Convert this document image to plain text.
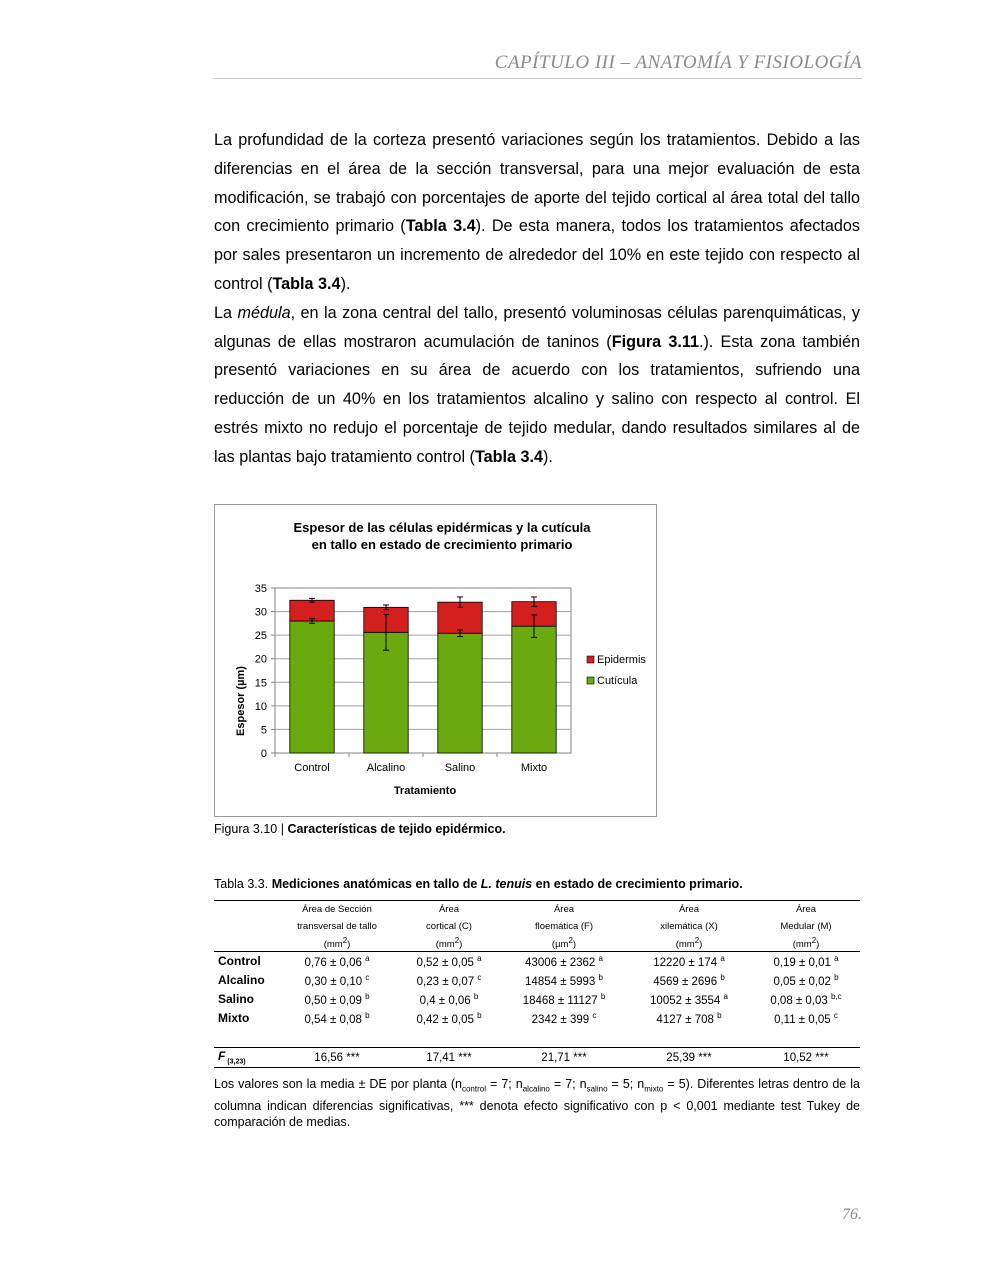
CAPÍTULO III – ANATOMÍA Y FISIOLOGÍA

La profundidad de la corteza presentó variaciones según los tratamientos. Debido a las diferencias en el área de la sección transversal, para una mejor evaluación de esta modificación, se trabajó con porcentajes de aporte del tejido cortical al área total del tallo con crecimiento primario (Tabla 3.4). De esta manera, todos los tratamientos afectados por sales presentaron un incremento de alrededor del 10% en este tejido con respecto al control (Tabla 3.4).

La médula, en la zona central del tallo, presentó voluminosas células parenquimáticas, y algunas de ellas mostraron acumulación de taninos (Figura 3.11.). Esta zona también presentó variaciones en su área de acuerdo con los tratamientos, sufriendo una reducción de un 40% en los tratamientos alcalino y salino con respecto al control. El estrés mixto no redujo el porcentaje de tejido medular, dando resultados similares al de las plantas bajo tratamiento control (Tabla 3.4).

Espesor de las células epidérmicas y la cutícula
en tallo en estado de crecimiento primario
0
5
10
15
20
25
30
35
Control	Alcalino	Salino	Mixto
Espesor (µm)
Tratamiento
Epidermis
Cutícula
Figura 3.10 | Características de tejido epidérmico.
Tabla 3.3. Mediciones anatómicas en tallo de L. tenuis en estado de crecimiento primario.
	Área de Sección	Área	Área	Área	Área
	transversal de tallo	cortical (C)	floemática (F)	xilemática (X)	Medular (M)
	$(mm^2)$	$(mm^2)$	(µm$^2$)	$(mm^2)$	$(mm^2)$
Control	0,76 ± 0,06 $^a$	0,52 ± 0,05 $^a$	43006 ± 2362 $^a$	12220 ± 174 $^a$	0,19 ± 0,01 $^a$
Alcalino	0,30 ± 0,10 $^c$	0,23 ± 0,07 $^c$	14854 ± 5993 $^b$	4569 ± 2696 $^b$	0,05 ± 0,02 $^b$
Salino	0,50 ± 0,09 $^b$	0,4 ± 0,06 $^b$	18468 ± 11127 $^b$	10052 ± 3554 $^a$	0,08 ± 0,03 $^{b,c}$
Mixto	0,54 ± 0,08 $^b$	0,42 ± 0,05 $^b$	2342 ± 399 $^c$	4127 ± 708 $^b$	0,11 ± 0,05 $^c$

F $_{(3,23)}$	16,56 ***	17,41 ***	21,71 ***	25,39 ***	10,52 ***
Los valores son la media ± DE por planta ($n_{control} = 7$; $n_{alcalino} = 7$; $n_{salino} = 5$; $n_{mixto} = 5$). Diferentes letras dentro de la columna indican diferencias significativas, *** denota efecto significativo con p < 0,001 mediante test Tukey de comparación de medias.
76.
